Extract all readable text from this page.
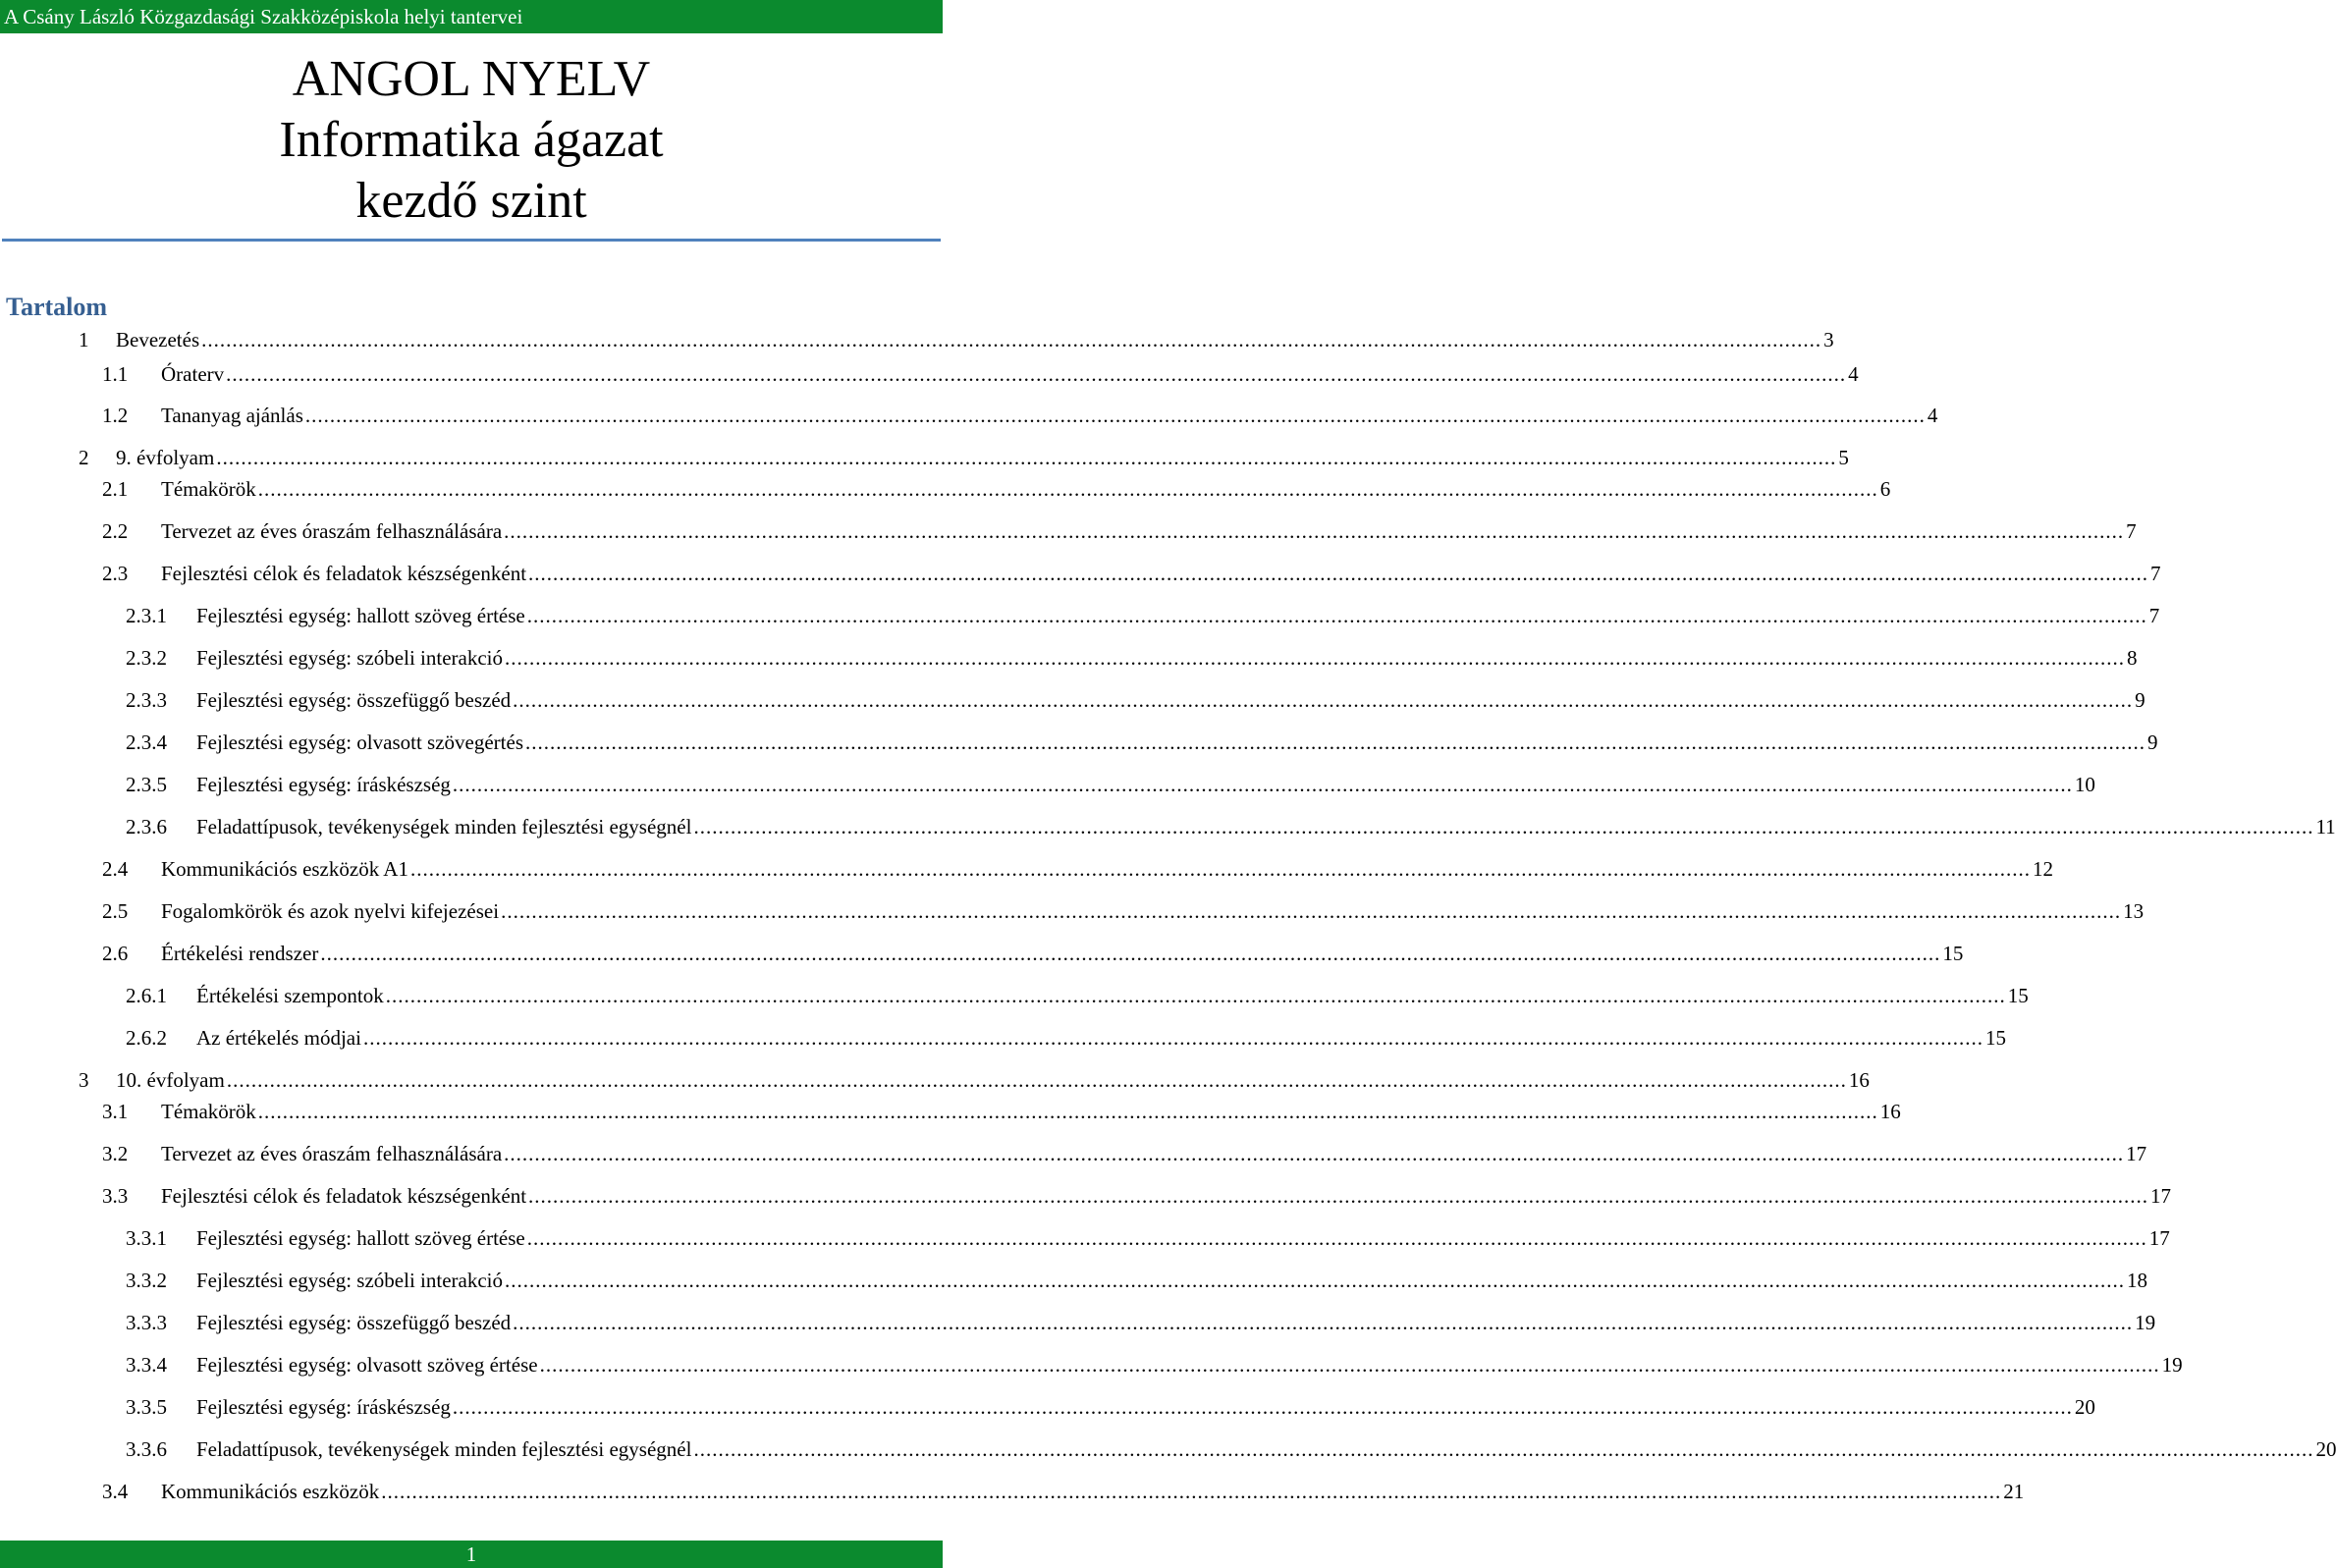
A Csány László Közgazdasági Szakközépiskola helyi tantervei
ANGOL NYELV
Informatika ágazat
kezdő szint
Tartalom
1	Bevezetés .....	3
1.1	Óraterv .....	4
1.2	Tananyag ajánlás .....	4
2	9. évfolyam .....	5
2.1	Témakörök .....	6
2.2	Tervezet az éves óraszám felhasználására .....	7
2.3	Fejlesztési célok és feladatok készségenként .....	7
2.3.1	Fejlesztési egység: hallott szöveg értése .....	7
2.3.2	Fejlesztési egység: szóbeli interakció .....	8
2.3.3	Fejlesztési egység: összefüggő beszéd .....	9
2.3.4	Fejlesztési egység: olvasott szövegértés .....	9
2.3.5	Fejlesztési egység: íráskészség .....	10
2.3.6	Feladattípusok, tevékenységek minden fejlesztési egységnél .....	11
2.4	Kommunikációs eszközök A1 .....	12
2.5	Fogalomkörök és azok nyelvi kifejezései .....	13
2.6	Értékelési rendszer .....	15
2.6.1	Értékelési szempontok .....	15
2.6.2	Az értékelés módjai .....	15
3	10. évfolyam .....	16
3.1	Témakörök .....	16
3.2	Tervezet az éves óraszám felhasználására .....	17
3.3	Fejlesztési célok és feladatok készségenként .....	17
3.3.1	Fejlesztési egység: hallott szöveg értése .....	17
3.3.2	Fejlesztési egység: szóbeli interakció .....	18
3.3.3	Fejlesztési egység: összefüggő beszéd .....	19
3.3.4	Fejlesztési egység: olvasott szöveg értése .....	19
3.3.5	Fejlesztési egység: íráskészség .....	20
3.3.6	Feladattípusok, tevékenységek minden fejlesztési egységnél .....	20
3.4	Kommunikációs eszközök .....	21
1
